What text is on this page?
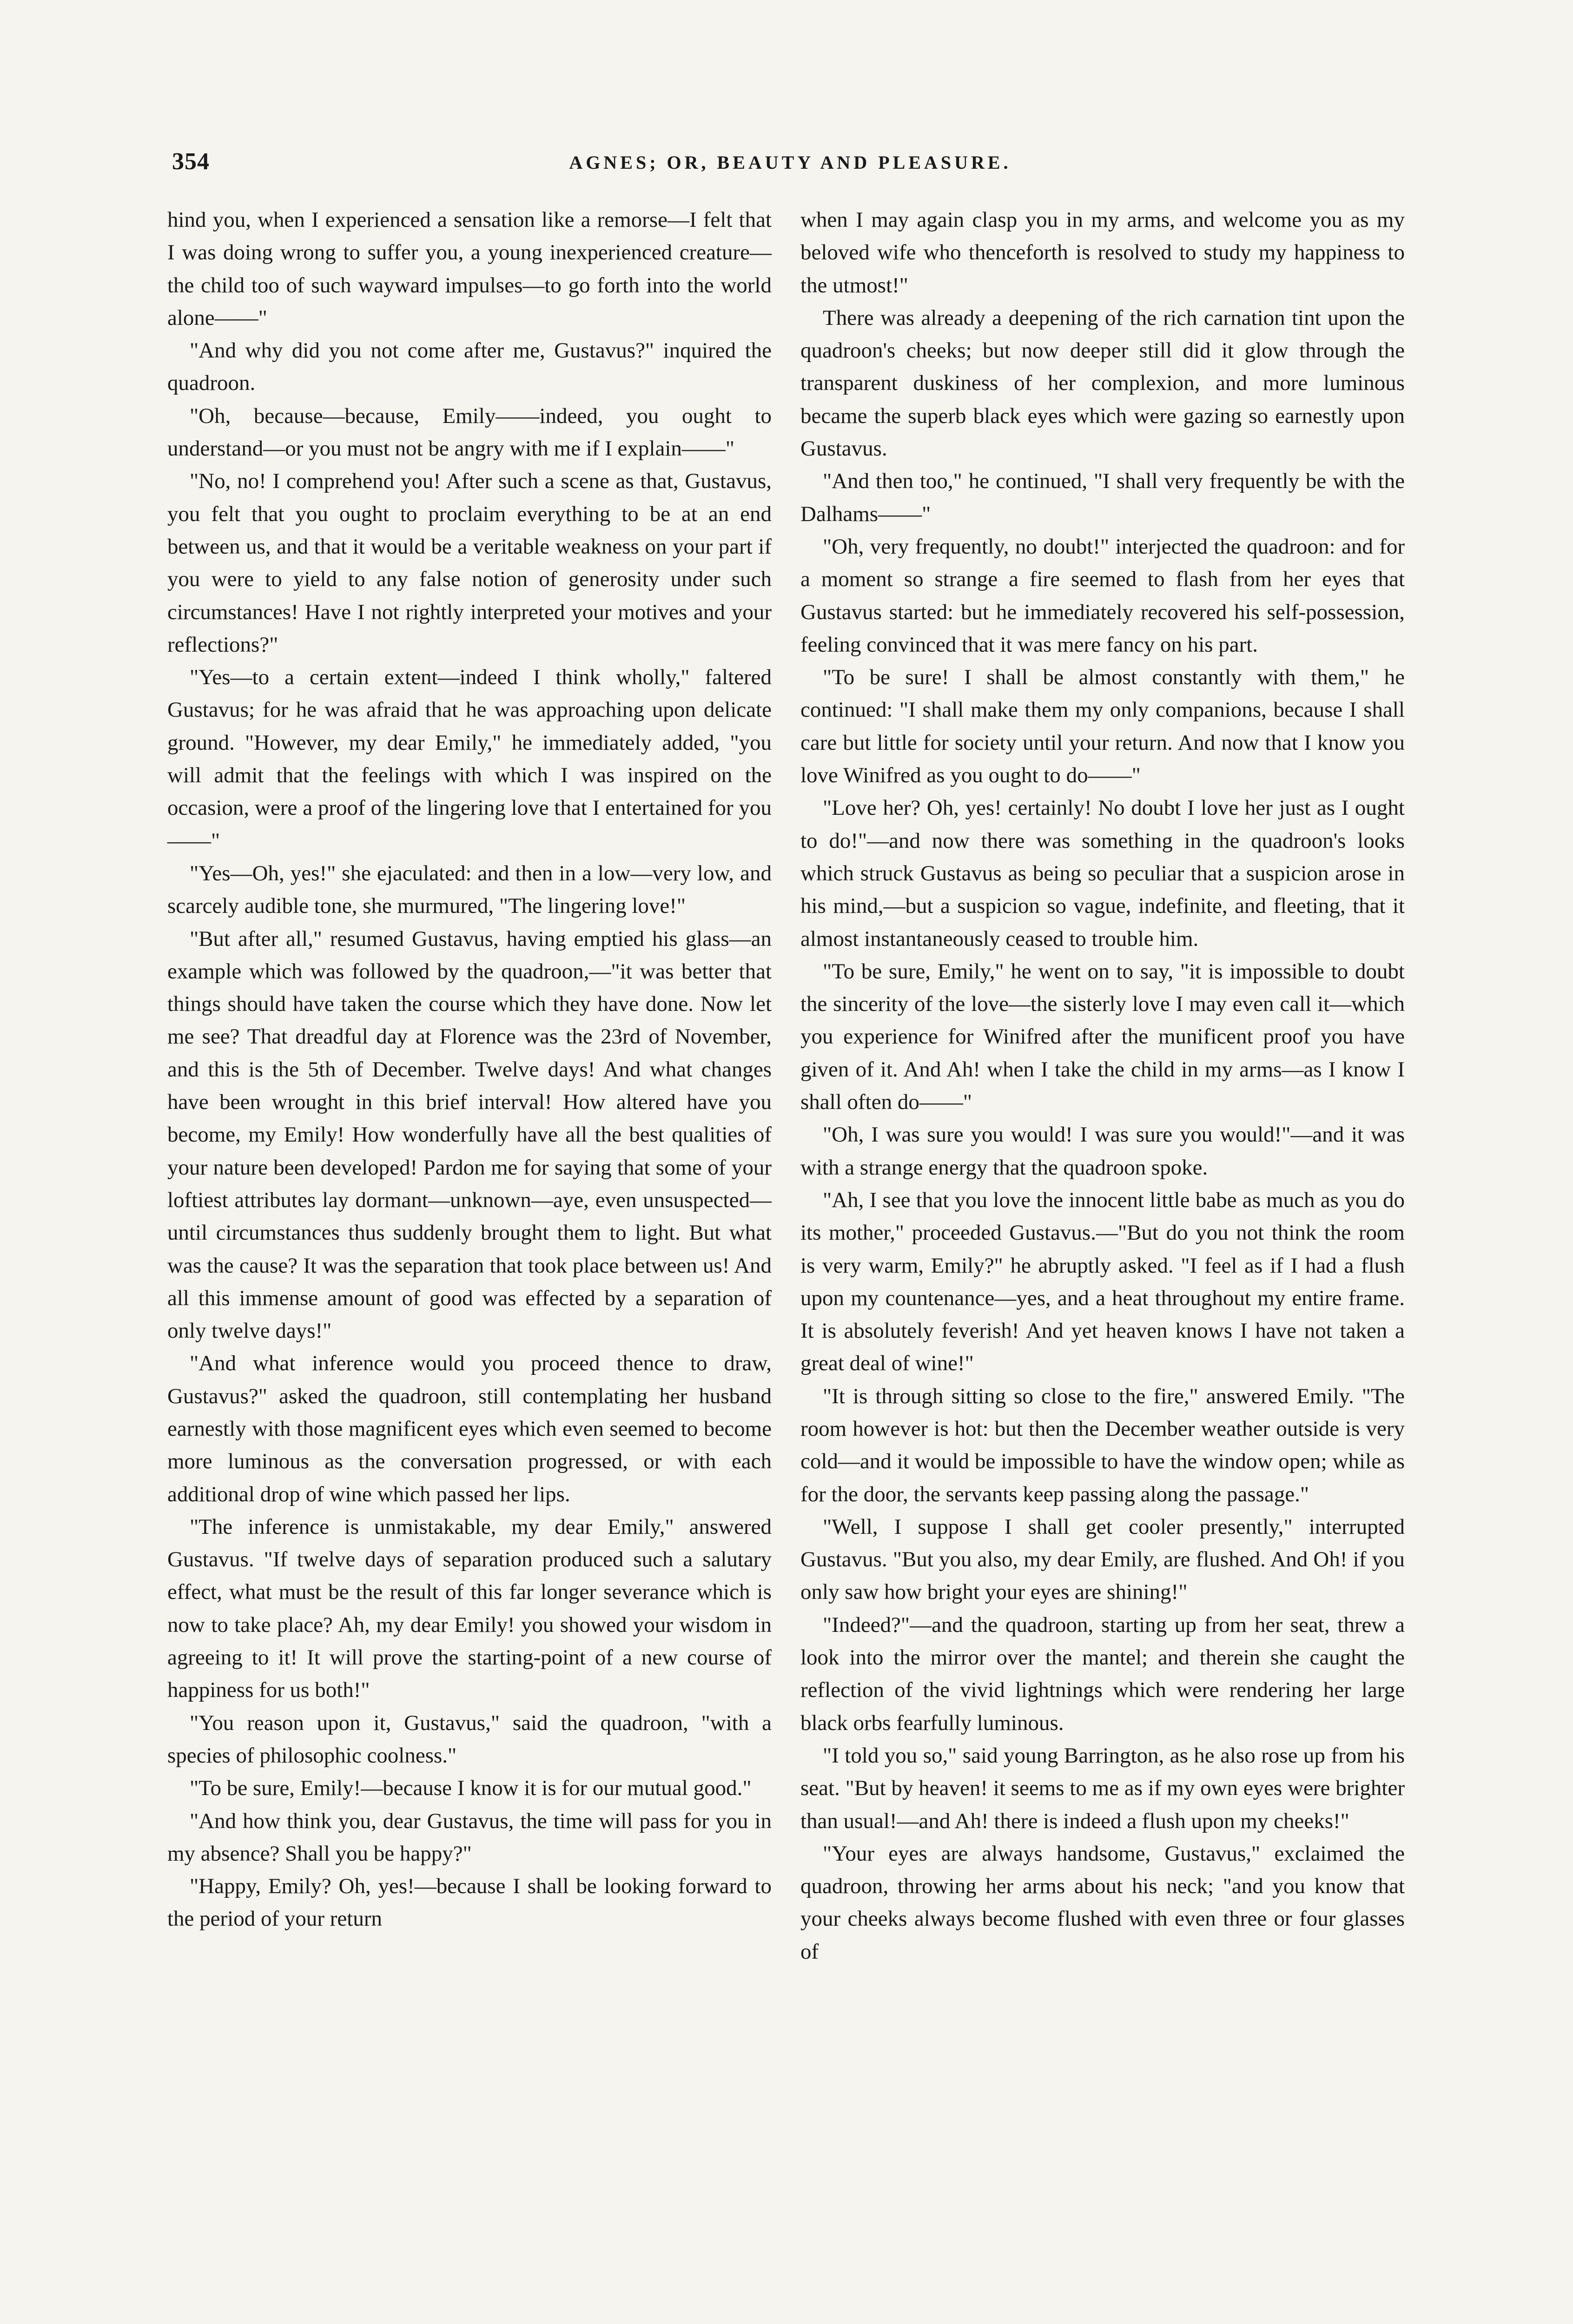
354	AGNES; OR, BEAUTY AND PLEASURE.

hind you, when I experienced a sensation like a remorse—I felt that I was doing wrong to suffer you, a young inexperienced creature—the child too of such wayward impulses—to go forth into the world alone——"

"And why did you not come after me, Gustavus?" inquired the quadroon.

"Oh, because—because, Emily——indeed, you ought to understand—or you must not be angry with me if I explain——"

"No, no! I comprehend you! After such a scene as that, Gustavus, you felt that you ought to proclaim everything to be at an end between us, and that it would be a veritable weakness on your part if you were to yield to any false notion of generosity under such circumstances! Have I not rightly interpreted your motives and your reflections?"

"Yes—to a certain extent—indeed I think wholly," faltered Gustavus; for he was afraid that he was approaching upon delicate ground. "However, my dear Emily," he immediately added, "you will admit that the feelings with which I was inspired on the occasion, were a proof of the lingering love that I entertained for you——"

"Yes—Oh, yes!" she ejaculated: and then in a low—very low, and scarcely audible tone, she murmured, "The lingering love!"

"But after all," resumed Gustavus, having emptied his glass—an example which was followed by the quadroon,—"it was better that things should have taken the course which they have done. Now let me see? That dreadful day at Florence was the 23rd of November, and this is the 5th of December. Twelve days! And what changes have been wrought in this brief interval! How altered have you become, my Emily! How wonderfully have all the best qualities of your nature been developed! Pardon me for saying that some of your loftiest attributes lay dormant—unknown—aye, even unsuspected—until circumstances thus suddenly brought them to light. But what was the cause? It was the separation that took place between us! And all this immense amount of good was effected by a separation of only twelve days!"

"And what inference would you proceed thence to draw, Gustavus?" asked the quadroon, still contemplating her husband earnestly with those magnificent eyes which even seemed to become more luminous as the conversation progressed, or with each additional drop of wine which passed her lips.

"The inference is unmistakable, my dear Emily," answered Gustavus. "If twelve days of separation produced such a salutary effect, what must be the result of this far longer severance which is now to take place? Ah, my dear Emily! you showed your wisdom in agreeing to it! It will prove the starting-point of a new course of happiness for us both!"

"You reason upon it, Gustavus," said the quadroon, "with a species of philosophic coolness."

"To be sure, Emily!—because I know it is for our mutual good."

"And how think you, dear Gustavus, the time will pass for you in my absence? Shall you be happy?"

"Happy, Emily? Oh, yes!—because I shall be looking forward to the period of your return

when I may again clasp you in my arms, and welcome you as my beloved wife who thenceforth is resolved to study my happiness to the utmost!"

There was already a deepening of the rich carnation tint upon the quadroon's cheeks; but now deeper still did it glow through the transparent duskiness of her complexion, and more luminous became the superb black eyes which were gazing so earnestly upon Gustavus.

"And then too," he continued, "I shall very frequently be with the Dalhams——"

"Oh, very frequently, no doubt!" interjected the quadroon: and for a moment so strange a fire seemed to flash from her eyes that Gustavus started: but he immediately recovered his self-possession, feeling convinced that it was mere fancy on his part.

"To be sure! I shall be almost constantly with them," he continued: "I shall make them my only companions, because I shall care but little for society until your return. And now that I know you love Winifred as you ought to do——"

"Love her? Oh, yes! certainly! No doubt I love her just as I ought to do!"—and now there was something in the quadroon's looks which struck Gustavus as being so peculiar that a suspicion arose in his mind,—but a suspicion so vague, indefinite, and fleeting, that it almost instantaneously ceased to trouble him.

"To be sure, Emily," he went on to say, "it is impossible to doubt the sincerity of the love—the sisterly love I may even call it—which you experience for Winifred after the munificent proof you have given of it. And Ah! when I take the child in my arms—as I know I shall often do——"

"Oh, I was sure you would! I was sure you would!"—and it was with a strange energy that the quadroon spoke.

"Ah, I see that you love the innocent little babe as much as you do its mother," proceeded Gustavus.—"But do you not think the room is very warm, Emily?" he abruptly asked. "I feel as if I had a flush upon my countenance—yes, and a heat throughout my entire frame. It is absolutely feverish! And yet heaven knows I have not taken a great deal of wine!"

"It is through sitting so close to the fire," answered Emily. "The room however is hot: but then the December weather outside is very cold—and it would be impossible to have the window open; while as for the door, the servants keep passing along the passage."

"Well, I suppose I shall get cooler presently," interrupted Gustavus. "But you also, my dear Emily, are flushed. And Oh! if you only saw how bright your eyes are shining!"

"Indeed?"—and the quadroon, starting up from her seat, threw a look into the mirror over the mantel; and therein she caught the reflection of the vivid lightnings which were rendering her large black orbs fearfully luminous.

"I told you so," said young Barrington, as he also rose up from his seat. "But by heaven! it seems to me as if my own eyes were brighter than usual!—and Ah! there is indeed a flush upon my cheeks!"

"Your eyes are always handsome, Gustavus," exclaimed the quadroon, throwing her arms about his neck; "and you know that your cheeks always become flushed with even three or four glasses of
